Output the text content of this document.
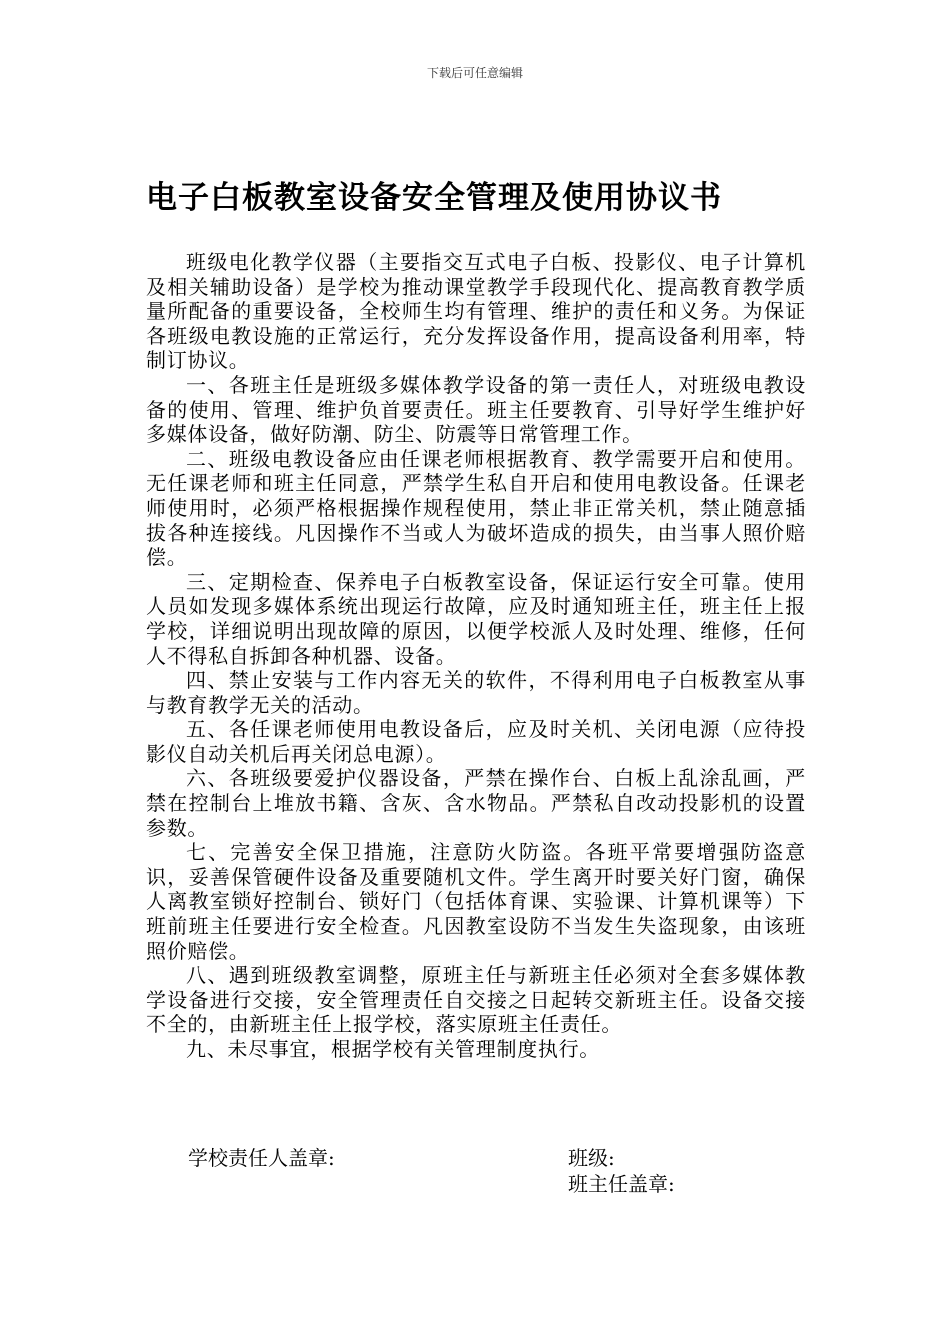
下载后可任意编辑
电子白板教室设备安全管理及使用协议书

班级电化教学仪器（主要指交互式电子白板、投影仪、电子计算机及相关辅助设备）是学校为推动课堂教学手段现代化、提高教育教学质量所配备的重要设备，全校师生均有管理、维护的责任和义务。为保证各班级电教设施的正常运行，充分发挥设备作用，提高设备利用率，特制订协议。

一、各班主任是班级多媒体教学设备的第一责任人，对班级电教设备的使用、管理、维护负首要责任。班主任要教育、引导好学生维护好多媒体设备，做好防潮、防尘、防震等日常管理工作。

二、班级电教设备应由任课老师根据教育、教学需要开启和使用。无任课老师和班主任同意，严禁学生私自开启和使用电教设备。任课老师使用时，必须严格根据操作规程使用，禁止非正常关机，禁止随意插拔各种连接线。凡因操作不当或人为破坏造成的损失，由当事人照价赔偿。

三、定期检查、保养电子白板教室设备，保证运行安全可靠。使用人员如发现多媒体系统出现运行故障，应及时通知班主任，班主任上报学校，详细说明出现故障的原因，以便学校派人及时处理、维修，任何人不得私自拆卸各种机器、设备。

四、禁止安装与工作内容无关的软件，不得利用电子白板教室从事与教育教学无关的活动。

五、各任课老师使用电教设备后，应及时关机、关闭电源（应待投影仪自动关机后再关闭总电源）。

六、各班级要爱护仪器设备，严禁在操作台、白板上乱涂乱画，严禁在控制台上堆放书籍、含灰、含水物品。严禁私自改动投影机的设置参数。

七、完善安全保卫措施，注意防火防盗。各班平常要增强防盗意识，妥善保管硬件设备及重要随机文件。学生离开时要关好门窗，确保人离教室锁好控制台、锁好门（包括体育课、实验课、计算机课等）下班前班主任要进行安全检查。凡因教室设防不当发生失盗现象，由该班照价赔偿。

八、遇到班级教室调整，原班主任与新班主任必须对全套多媒体教学设备进行交接，安全管理责任自交接之日起转交新班主任。设备交接不全的，由新班主任上报学校，落实原班主任责任。

九、未尽事宜，根据学校有关管理制度执行。

学校责任人盖章:	班级:
班主任盖章:
